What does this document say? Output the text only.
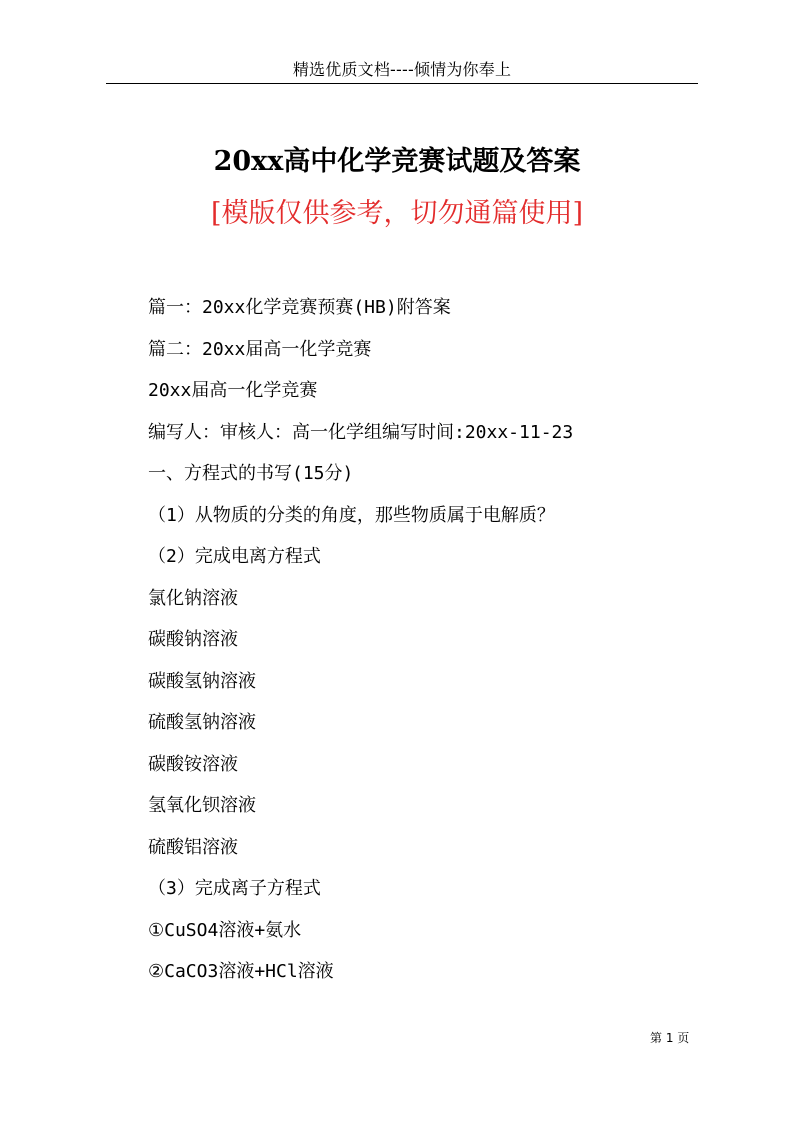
精选优质文档----倾情为你奉上
20xx高中化学竞赛试题及答案
[模版仅供参考，切勿通篇使用]
篇一：20xx化学竞赛预赛(HB)附答案
篇二：20xx届高一化学竞赛
20xx届高一化学竞赛
编写人：审核人：高一化学组编写时间:20xx-11-23
一、方程式的书写(15分)
（1）从物质的分类的角度，那些物质属于电解质？
（2）完成电离方程式
氯化钠溶液
碳酸钠溶液
碳酸氢钠溶液
硫酸氢钠溶液
碳酸铵溶液
氢氧化钡溶液
硫酸铝溶液
（3）完成离子方程式
①CuSO4溶液+氨水
②CaCO3溶液+HCl溶液
第 1 页
